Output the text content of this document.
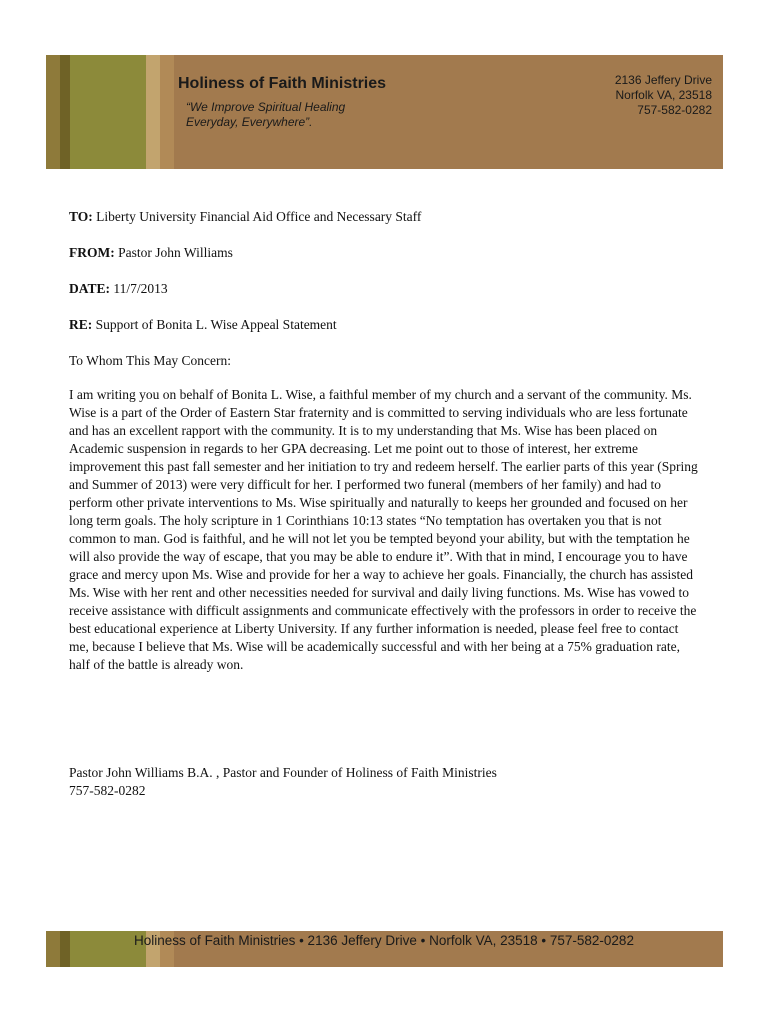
Holiness of Faith Ministries
“We Improve Spiritual Healing
Everyday, Everywhere”.
2136 Jeffery Drive
Norfolk VA, 23518
757-582-0282
TO: Liberty University Financial Aid Office and Necessary Staff
FROM: Pastor John Williams
DATE: 11/7/2013
RE: Support of Bonita L. Wise Appeal Statement
To Whom This May Concern:

I am writing you on behalf of Bonita L. Wise, a faithful member of my church and a servant of the community. Ms. Wise is a part of the Order of Eastern Star fraternity and is committed to serving individuals who are less fortunate and has an excellent rapport with the community. It is to my understanding that Ms. Wise has been placed on Academic suspension in regards to her GPA decreasing. Let me point out to those of interest, her extreme improvement this past fall semester and her initiation to try and redeem herself. The earlier parts of this year (Spring and Summer of 2013) were very difficult for her. I performed two funeral (members of her family) and had to perform other private interventions to Ms. Wise spiritually and naturally to keeps her grounded and focused on her long term goals. The holy scripture in 1 Corinthians 10:13 states “No temptation has overtaken you that is not common to man. God is faithful, and he will not let you be tempted beyond your ability, but with the temptation he will also provide the way of escape, that you may be able to endure it”. With that in mind, I encourage you to have grace and mercy upon Ms. Wise and provide for her a way to achieve her goals. Financially, the church has assisted Ms. Wise with her rent and other necessities needed for survival and daily living functions. Ms. Wise has vowed to receive assistance with difficult assignments and communicate effectively with the professors in order to receive the best educational experience at Liberty University. If any further information is needed, please feel free to contact me, because I believe that Ms. Wise will be academically successful and with her being at a 75% graduation rate, half of the battle is already won.

Pastor John Williams B.A. , Pastor and Founder of Holiness of Faith Ministries
757-582-0282
Holiness of Faith Ministries • 2136 Jeffery Drive • Norfolk VA, 23518 • 757-582-0282
